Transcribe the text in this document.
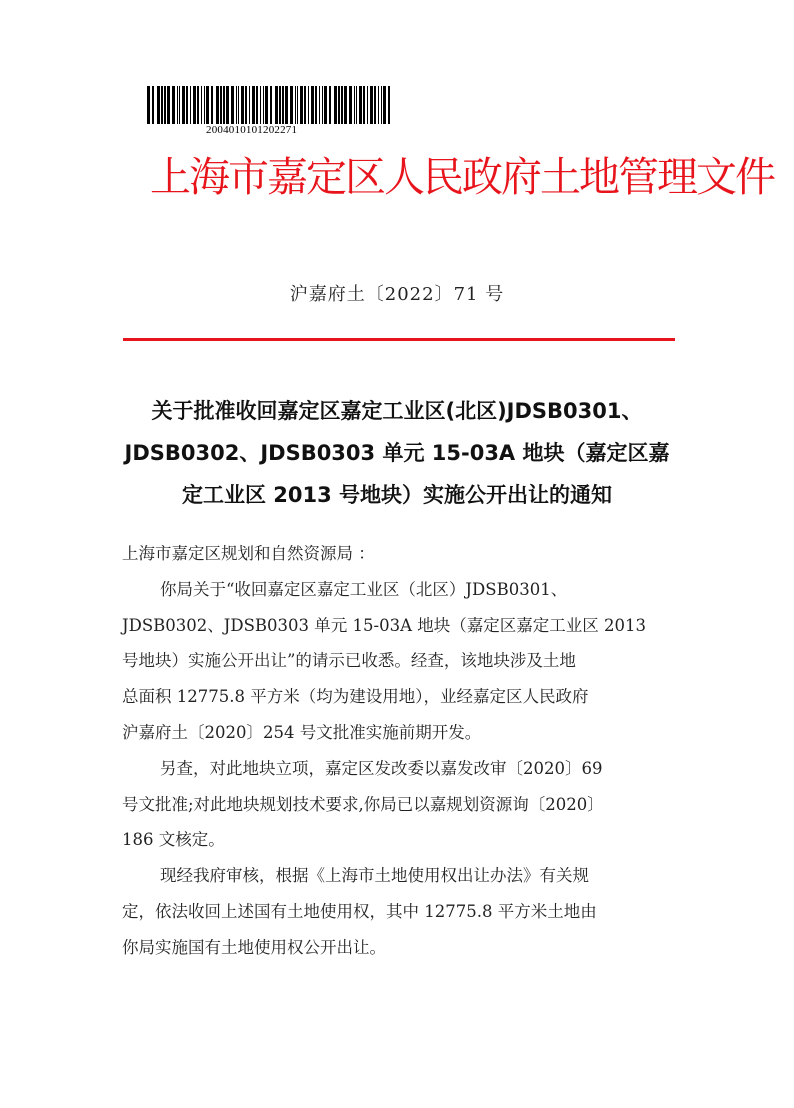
2004010101202271
上海市嘉定区人民政府土地管理文件
沪嘉府土〔2022〕71 号
关于批准收回嘉定区嘉定工业区(北区)JDSB0301、
JDSB0302、JDSB0303 单元 15-03A 地块（嘉定区嘉
定工业区 2013 号地块）实施公开出让的通知

上海市嘉定区规划和自然资源局 ：

你局关于“收回嘉定区嘉定工业区（北区）JDSB0301、

JDSB0302、JDSB0303 单元 15-03A 地块（嘉定区嘉定工业区 2013

号地块）实施公开出让”的请示已收悉。经查，该地块涉及土地

总面积 12775.8 平方米（均为建设用地），业经嘉定区人民政府

沪嘉府土〔2020〕254 号文批准实施前期开发。

另查，对此地块立项，嘉定区发改委以嘉发改审〔2020〕69

号文批准;对此地块规划技术要求,你局已以嘉规划资源询〔2020〕

186 文核定。

现经我府审核，根据《上海市土地使用权出让办法》有关规

定，依法收回上述国有土地使用权，其中 12775.8 平方米土地由

你局实施国有土地使用权公开出让。
